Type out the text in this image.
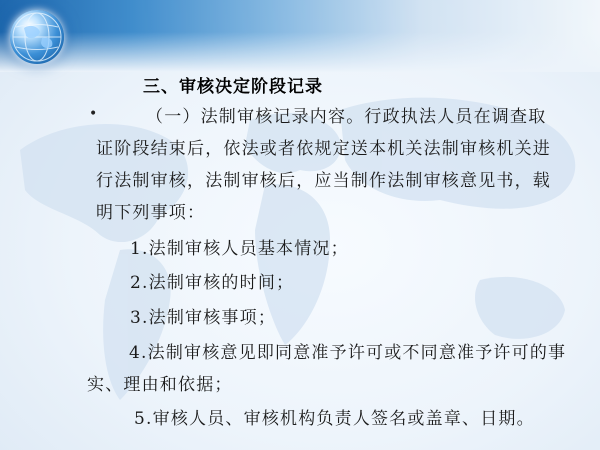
三、审核决定阶段记录
•	（一）法制审核记录内容。行政执法人员在调查取证阶段结束后，依法或者依规定送本机关法制审核机关进行法制审核，法制审核后，应当制作法制审核意见书，载明下列事项：
1.法制审核人员基本情况；
2.法制审核的时间；
3.法制审核事项；
4.法制审核意见即同意准予许可或不同意准予许可的事实、理由和依据；
5.审核人员、审核机构负责人签名或盖章、日期。
